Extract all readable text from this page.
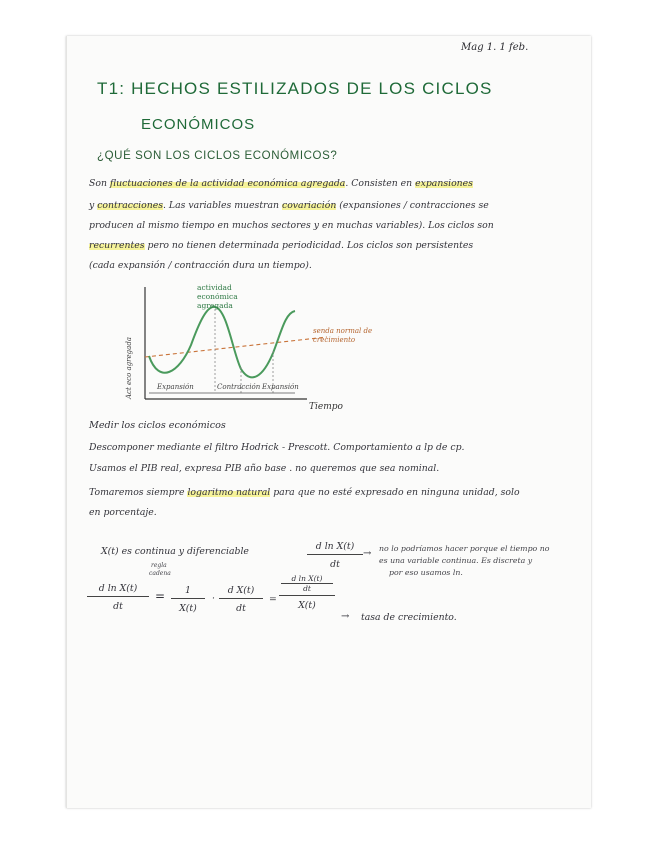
Mag 1. 1 feb.
T1: HECHOS ESTILIZADOS DE LOS CICLOS
ECONÓMICOS
¿QUÉ SON LOS CICLOS ECONÓMICOS?
Son fluctuaciones de la actividad económica agregada. Consisten en expansiones
y contracciones. Las variables muestran covariación (expansiones / contracciones se
producen al mismo tiempo en muchos sectores y en muchas variables). Los ciclos son
recurrentes pero no tienen determinada periodicidad. Los ciclos son persistentes
(cada expansión / contracción dura un tiempo).
Expansión	Contracción Expansión
actividad
económica
agregada
senda normal de
crecimiento
Act eco agregada
Tiempo
Medir los ciclos económicos
Descomponer mediante el filtro Hodrick - Prescott. Comportamiento a lp de cp.
Usamos el PIB real, expresa PIB año base . no queremos que sea nominal.
Tomaremos siempre logaritmo natural para que no esté expresado en ninguna unidad, solo
en porcentaje.
X(t) es continua y diferenciable	$\frac{\text{d ln X(t)}}{dt}$ → no lo podríamos hacer porque el tiempo no
es una variable continua. Es discreta y
por eso usamos ln.
regla
cadena
$\frac{\text{d ln X(t)}}{dt} = \frac{1}{X(t)} \cdot \frac{\text{d X(t)}}{dt}$ =
d ln X(t)
dt
X(t)
→ tasa de crecimiento.
